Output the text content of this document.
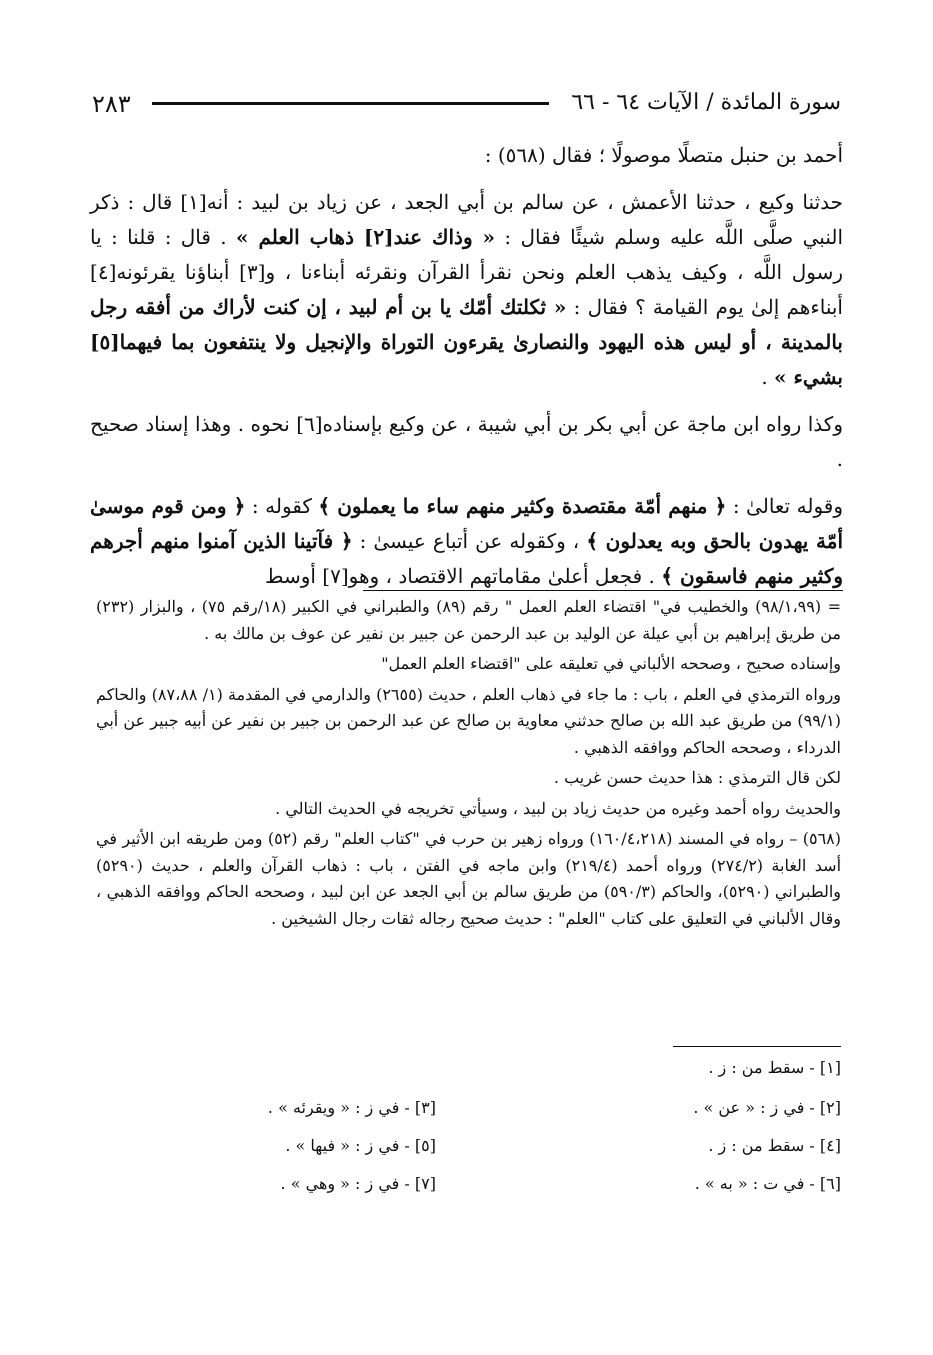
سورة المائدة / الآيات ٦٤ - ٦٦
٢٨٣

أحمد بن حنبل متصلًا موصولًا ؛ فقال (٥٦٨) :

حدثنا وكيع ، حدثنا الأعمش ، عن سالم بن أبي الجعد ، عن زياد بن لبيد : أنه[١] قال : ذكر النبي صلَّى اللَّه عليه وسلم شيئًا فقال : « وذاك عند[٢] ذهاب العلم » . قال : قلنا : يا رسول اللَّه ، وكيف يذهب العلم ونحن نقرأ القرآن ونقرئه أبناءنا ، و[٣] أبناؤنا يقرئونه[٤] أبناءهم إلىٰ يوم القيامة ؟ فقال : « ثكلتك أمّك يا بن أم لبيد ، إن كنت لأراك من أفقه رجل بالمدينة ، أو ليس هذه اليهود والنصارىٰ يقرءون التوراة والإنجيل ولا ينتفعون بما فيهما[٥] بشيء » .

وكذا رواه ابن ماجة عن أبي بكر بن أبي شيبة ، عن وكيع بإسناده[٦] نحوه . وهذا إسناد صحيح .

وقوله تعالىٰ : ﴿ منهم أمّة مقتصدة وكثير منهم ساء ما يعملون ﴾ كقوله : ﴿ ومن قوم موسىٰ أمّة يهدون بالحق وبه يعدلون ﴾ ، وكقوله عن أتباع عيسىٰ : ﴿ فآتينا الذين آمنوا منهم أجرهم وكثير منهم فاسقون ﴾ . فجعل أعلىٰ مقاماتهم الاقتصاد ، وهو[٧] أوسط

= (٩٨/١،٩٩) والخطيب في" اقتضاء العلم العمل " رقم (٨٩) والطبراني في الكبير (١٨/رقم ٧٥) ، والبزار (٢٣٢) من طريق إبراهيم بن أبي عيلة عن الوليد بن عبد الرحمن عن جبير بن نفير عن عوف بن مالك به .

وإسناده صحيح ، وصححه الألباني في تعليقه على "اقتضاء العلم العمل"

ورواه الترمذي في العلم ، باب : ما جاء في ذهاب العلم ، حديث (٢٦٥٥) والدارمي في المقدمة (١/ ٨٧،٨٨) والحاكم (٩٩/١) من طريق عبد الله بن صالح حدثني معاوية بن صالح عن عبد الرحمن بن جبير بن نفير عن أبيه جبير عن أبي الدرداء ، وصححه الحاكم ووافقه الذهبي .

لكن قال الترمذي : هذا حديث حسن غريب .

والحديث رواه أحمد وغيره من حديث زياد بن لبيد ، وسيأتي تخريجه في الحديث التالي .

(٥٦٨) – رواه في المسند (١٦٠/٤،٢١٨) ورواه زهير بن حرب في "كتاب العلم" رقم (٥٢) ومن طريقه ابن الأثير في أسد الغابة (٢٧٤/٢) ورواه أحمد (٢١٩/٤) وابن ماجه في الفتن ، باب : ذهاب القرآن والعلم ، حديث (٥٢٩٠) والطبراني (٥٢٩٠)، والحاكم (٥٩٠/٣) من طريق سالم بن أبي الجعد عن ابن لبيد ، وصححه الحاكم ووافقه الذهبي ، وقال الألباني في التعليق على كتاب "العلم" : حديث صحيح رجاله ثقات رجال الشيخين .

[١] - سقط من : ز .
[٢] - في ز : « عن » .
[٣] - في ز : « ويقرئه » .
[٤] - سقط من : ز .
[٥] - في ز : « فيها » .
[٦] - في ت : « به » .
[٧] - في ز : « وهي » .
